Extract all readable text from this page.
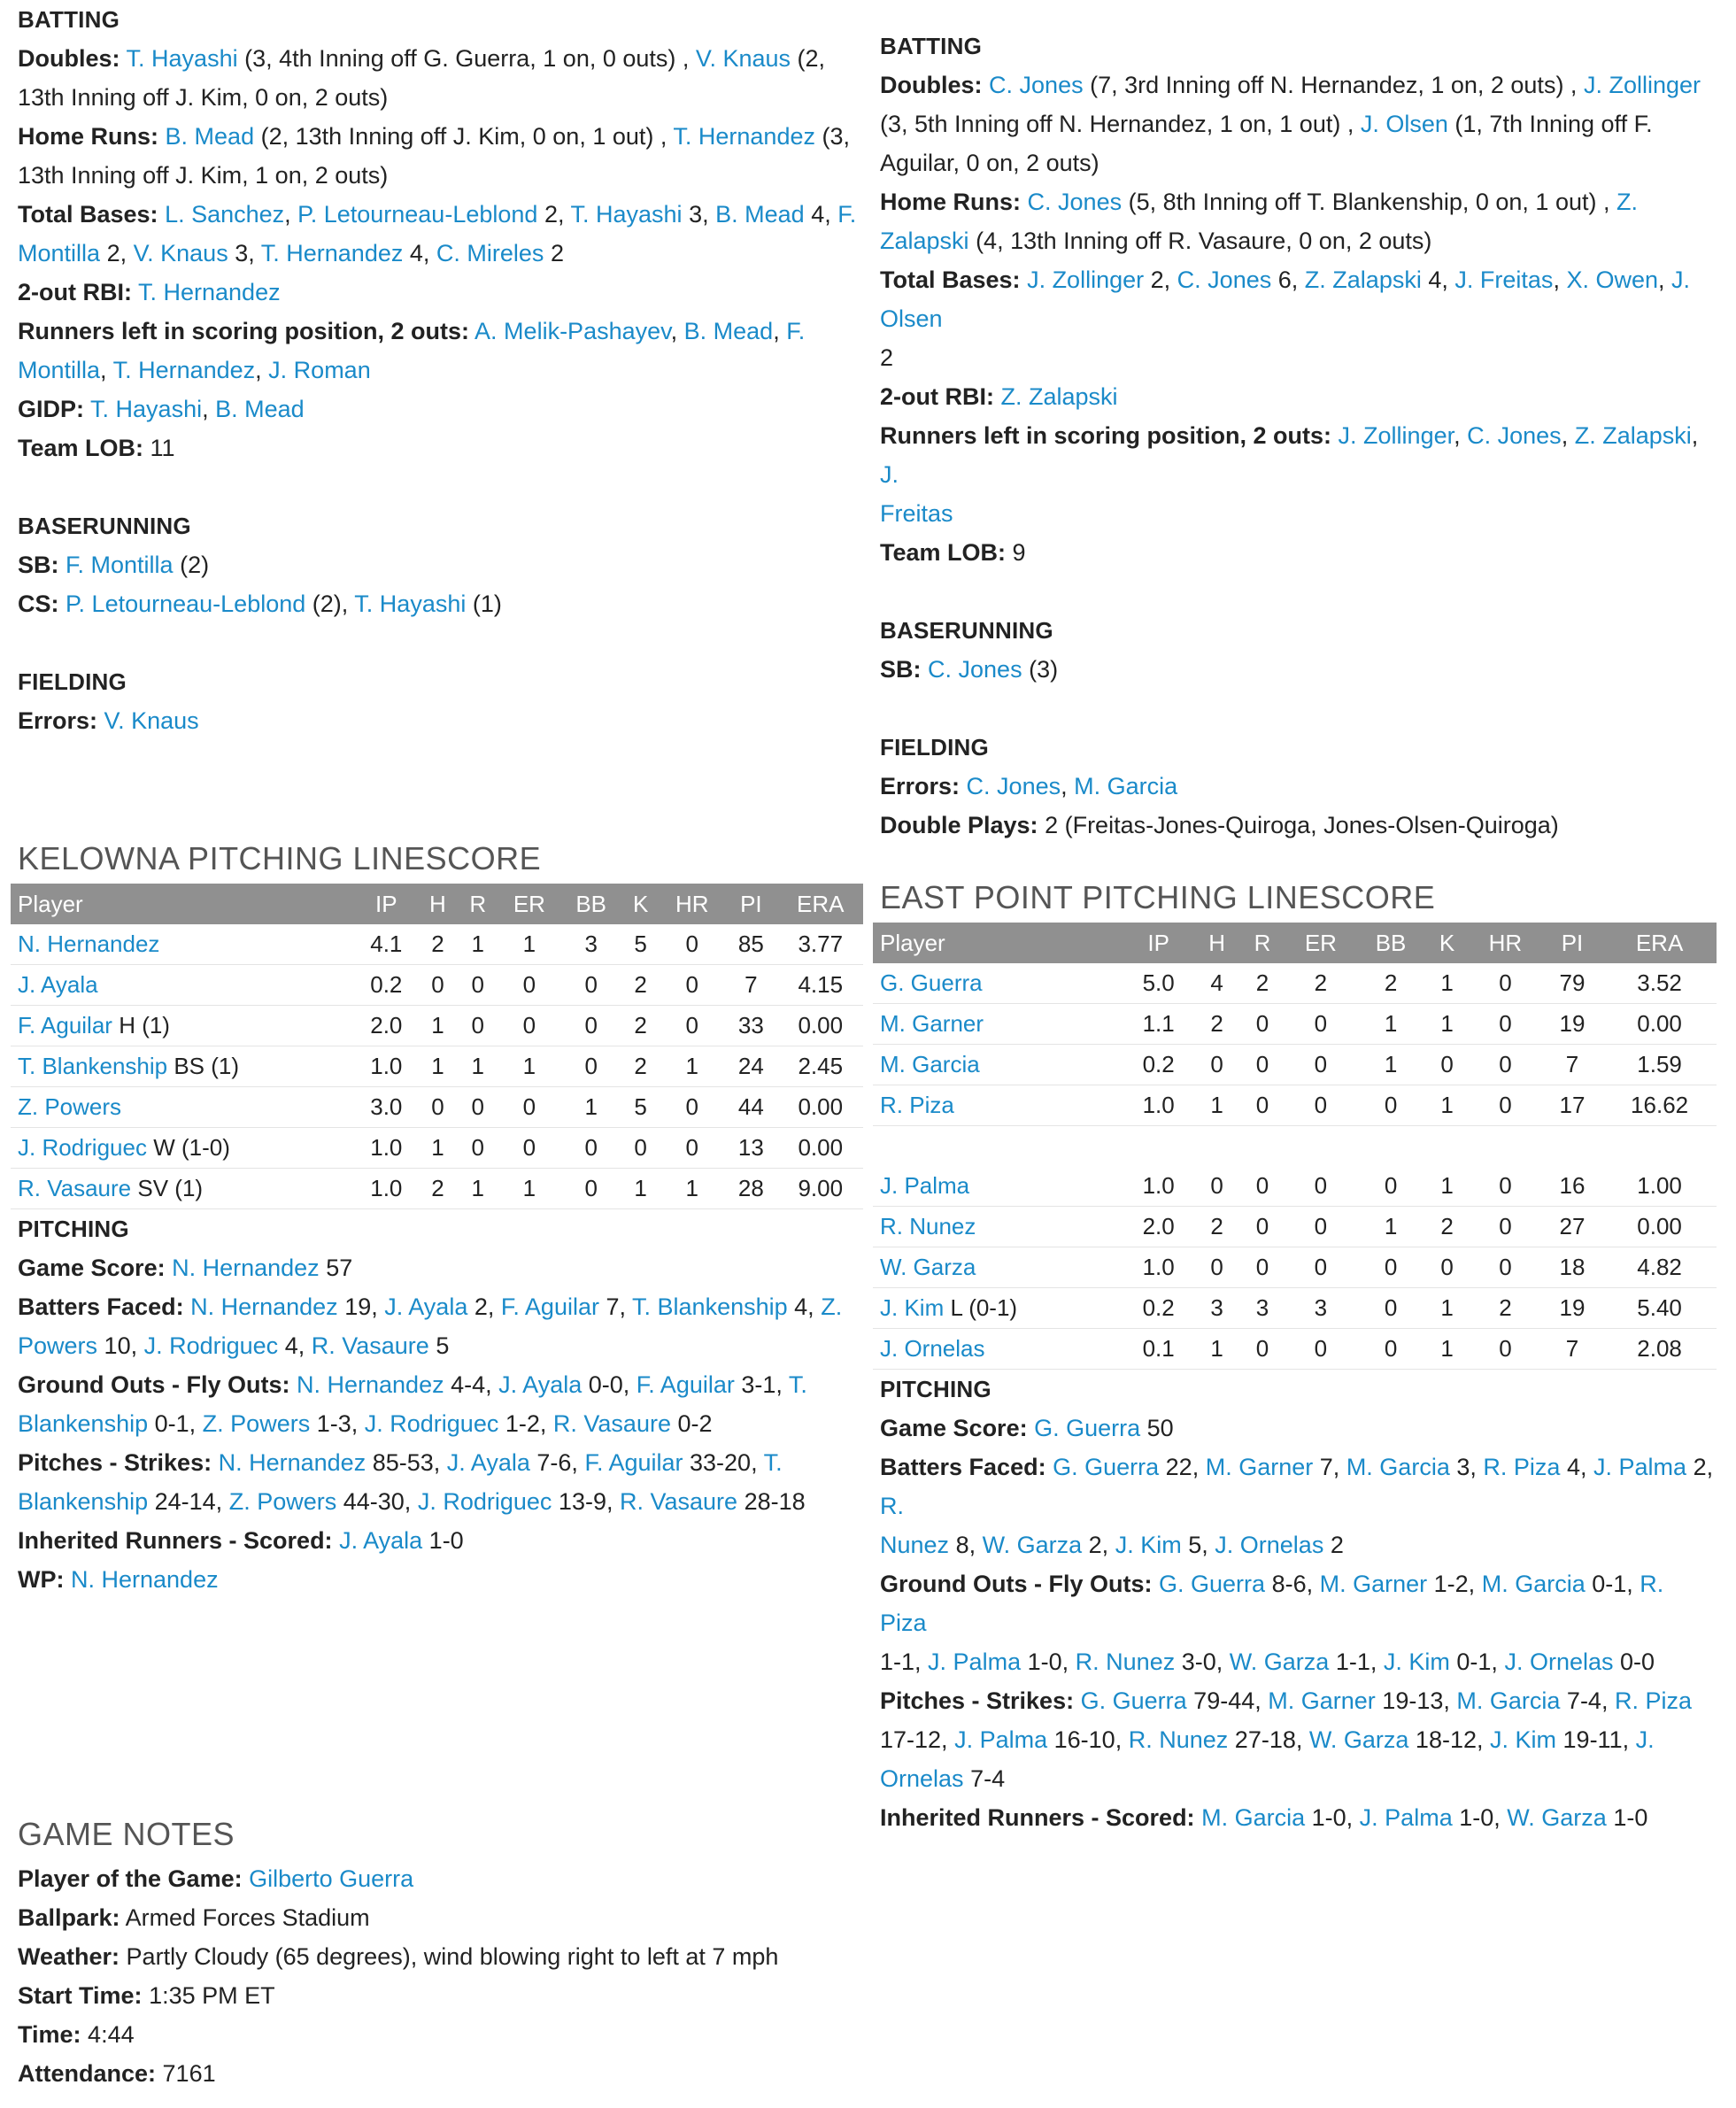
BATTING
Doubles: T. Hayashi (3, 4th Inning off G. Guerra, 1 on, 0 outs) , V. Knaus (2,
13th Inning off J. Kim, 0 on, 2 outs)
Home Runs: B. Mead (2, 13th Inning off J. Kim, 0 on, 1 out) , T. Hernandez (3,
13th Inning off J. Kim, 1 on, 2 outs)
Total Bases: L. Sanchez, P. Letourneau-Leblond 2, T. Hayashi 3, B. Mead 4, F.
Montilla 2, V. Knaus 3, T. Hernandez 4, C. Mireles 2
2-out RBI: T. Hernandez
Runners left in scoring position, 2 outs: A. Melik-Pashayev, B. Mead, F.
Montilla, T. Hernandez, J. Roman
GIDP: T. Hayashi, B. Mead
Team LOB: 11
BASERUNNING
SB: F. Montilla (2)
CS: P. Letourneau-Leblond (2), T. Hayashi (1)
FIELDING
Errors: V. Knaus
KELOWNA PITCHING LINESCORE
Player	IP	H	R	ER	BB	K	HR	PI	ERA
N. Hernandez	4.1	2	1	1	3	5	0	85	3.77
J. Ayala	0.2	0	0	0	0	2	0	7	4.15
F. Aguilar H (1)	2.0	1	0	0	0	2	0	33	0.00
T. Blankenship BS (1)	1.0	1	1	1	0	2	1	24	2.45
Z. Powers	3.0	0	0	0	1	5	0	44	0.00
J. Rodriguec W (1-0)	1.0	1	0	0	0	0	0	13	0.00
R. Vasaure SV (1)	1.0	2	1	1	0	1	1	28	9.00
PITCHING
Game Score: N. Hernandez 57
Batters Faced: N. Hernandez 19, J. Ayala 2, F. Aguilar 7, T. Blankenship 4, Z.
Powers 10, J. Rodriguec 4, R. Vasaure 5
Ground Outs - Fly Outs: N. Hernandez 4-4, J. Ayala 0-0, F. Aguilar 3-1, T.
Blankenship 0-1, Z. Powers 1-3, J. Rodriguec 1-2, R. Vasaure 0-2
Pitches - Strikes: N. Hernandez 85-53, J. Ayala 7-6, F. Aguilar 33-20, T.
Blankenship 24-14, Z. Powers 44-30, J. Rodriguec 13-9, R. Vasaure 28-18
Inherited Runners - Scored: J. Ayala 1-0
WP: N. Hernandez
BATTING
Doubles: C. Jones (7, 3rd Inning off N. Hernandez, 1 on, 2 outs) , J. Zollinger
(3, 5th Inning off N. Hernandez, 1 on, 1 out) , J. Olsen (1, 7th Inning off F.
Aguilar, 0 on, 2 outs)
Home Runs: C. Jones (5, 8th Inning off T. Blankenship, 0 on, 1 out) , Z.
Zalapski (4, 13th Inning off R. Vasaure, 0 on, 2 outs)
Total Bases: J. Zollinger 2, C. Jones 6, Z. Zalapski 4, J. Freitas, X. Owen, J. Olsen
2
2-out RBI: Z. Zalapski
Runners left in scoring position, 2 outs: J. Zollinger, C. Jones, Z. Zalapski, J.
Freitas
Team LOB: 9
BASERUNNING
SB: C. Jones (3)
FIELDING
Errors: C. Jones, M. Garcia
Double Plays: 2 (Freitas-Jones-Quiroga, Jones-Olsen-Quiroga)
EAST POINT PITCHING LINESCORE
Player	IP	H	R	ER	BB	K	HR	PI	ERA
G. Guerra	5.0	4	2	2	2	1	0	79	3.52
M. Garner	1.1	2	0	0	1	1	0	19	0.00
M. Garcia	0.2	0	0	0	1	0	0	7	1.59
R. Piza	1.0	1	0	0	0	1	0	17	16.62

J. Palma	1.0	0	0	0	0	1	0	16	1.00
R. Nunez	2.0	2	0	0	1	2	0	27	0.00
W. Garza	1.0	0	0	0	0	0	0	18	4.82
J. Kim L (0-1)	0.2	3	3	3	0	1	2	19	5.40
J. Ornelas	0.1	1	0	0	0	1	0	7	2.08
PITCHING
Game Score: G. Guerra 50
Batters Faced: G. Guerra 22, M. Garner 7, M. Garcia 3, R. Piza 4, J. Palma 2, R.
Nunez 8, W. Garza 2, J. Kim 5, J. Ornelas 2
Ground Outs - Fly Outs: G. Guerra 8-6, M. Garner 1-2, M. Garcia 0-1, R. Piza
1-1, J. Palma 1-0, R. Nunez 3-0, W. Garza 1-1, J. Kim 0-1, J. Ornelas 0-0
Pitches - Strikes: G. Guerra 79-44, M. Garner 19-13, M. Garcia 7-4, R. Piza
17-12, J. Palma 16-10, R. Nunez 27-18, W. Garza 18-12, J. Kim 19-11, J.
Ornelas 7-4
Inherited Runners - Scored: M. Garcia 1-0, J. Palma 1-0, W. Garza 1-0
GAME NOTES
Player of the Game: Gilberto Guerra
Ballpark: Armed Forces Stadium
Weather: Partly Cloudy (65 degrees), wind blowing right to left at 7 mph
Start Time: 1:35 PM ET
Time: 4:44
Attendance: 7161
